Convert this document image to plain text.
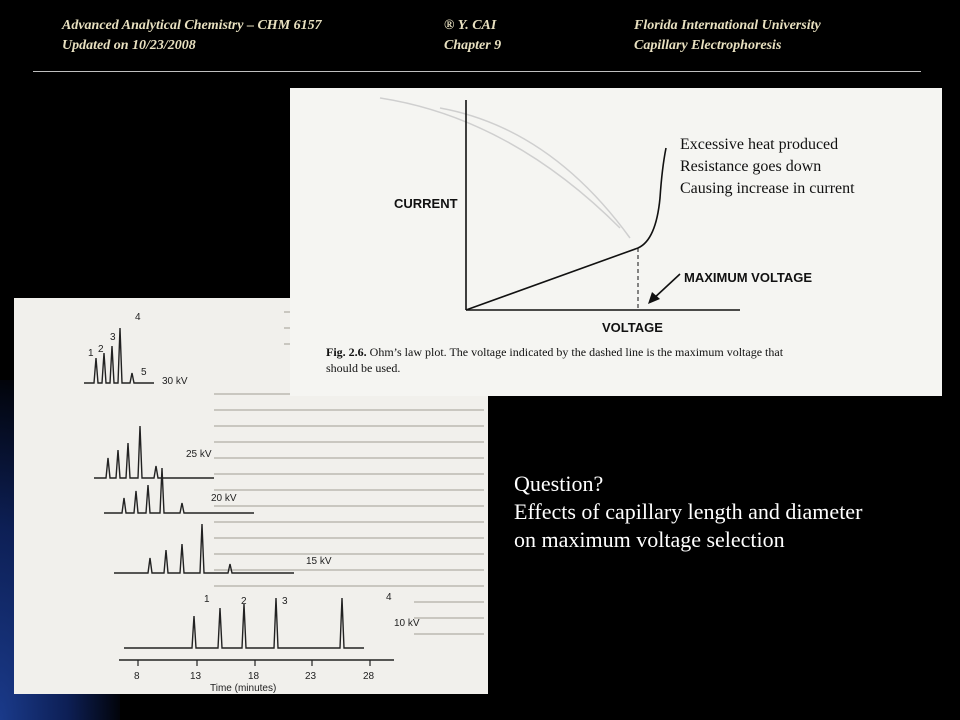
Advanced Analytical Chemistry – CHM 6157
Updated on 10/23/2008
® Y. CAI
Chapter 9
Florida International University
Capillary Electrophoresis
1 2
3
4
5
30 kV
25 kV
20 kV
15 kV
1	2	3	4
10 kV
8	13	18	23	28
Time (minutes)
CURRENT
VOLTAGE
MAXIMUM VOLTAGE
Fig. 2.6. Ohm’s law plot. The voltage indicated by the dashed line is the maximum voltage that
should be used.
Excessive heat produced
Resistance goes down
Causing increase in current
Question?
Effects of capillary length and diameter
on maximum voltage selection
